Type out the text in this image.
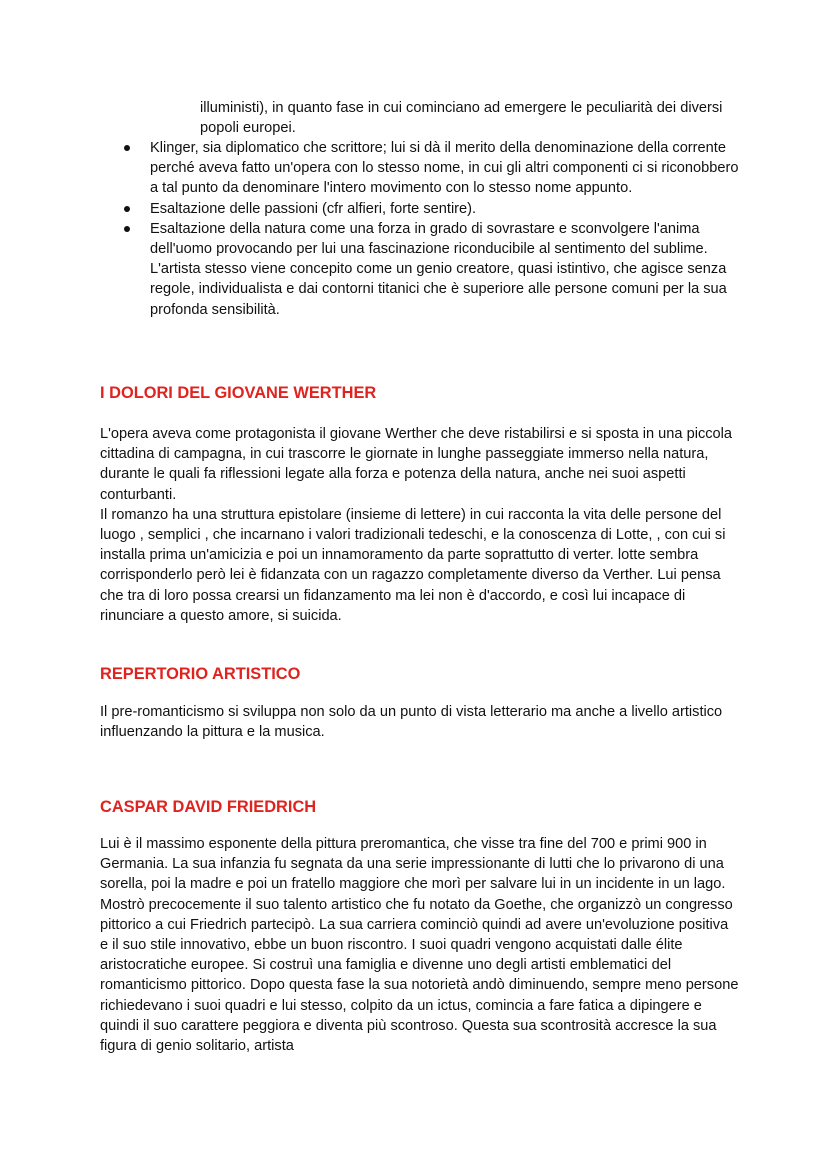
illuministi), in quanto fase in cui cominciano ad emergere le peculiarità dei diversi popoli europei.
Klinger, sia diplomatico che scrittore; lui si dà il merito della denominazione della corrente perché aveva fatto un'opera con lo stesso nome, in cui gli altri componenti ci si riconobbero a tal punto da denominare l'intero movimento con lo stesso nome appunto.
Esaltazione delle passioni (cfr alfieri, forte sentire).
Esaltazione della natura come una forza in grado di sovrastare e sconvolgere l'anima dell'uomo provocando per lui una fascinazione riconducibile al sentimento del sublime. L'artista stesso viene concepito come un genio creatore, quasi istintivo, che agisce senza regole, individualista e dai contorni titanici che è superiore alle persone comuni per la sua profonda sensibilità.
I DOLORI DEL GIOVANE WERTHER

L'opera aveva come protagonista il giovane Werther che deve ristabilirsi e si sposta in una piccola cittadina di campagna, in cui trascorre le giornate in lunghe passeggiate immerso nella natura, durante le quali fa riflessioni legate alla forza e potenza della natura, anche nei suoi aspetti conturbanti.

Il romanzo ha una struttura epistolare (insieme di lettere) in cui racconta la vita delle persone del luogo , semplici , che incarnano i valori tradizionali tedeschi, e la conoscenza di Lotte, , con cui si installa prima un'amicizia e poi un innamoramento da parte soprattutto di verter. lotte sembra corrisponderlo però lei è fidanzata con un ragazzo completamente diverso da Verther. Lui pensa che tra di loro possa crearsi un fidanzamento ma lei non è d'accordo, e così lui incapace di rinunciare a questo amore, si suicida.

REPERTORIO ARTISTICO

Il pre-romanticismo si sviluppa non solo da un punto di vista letterario ma anche a livello artistico influenzando la pittura e la musica.

CASPAR DAVID FRIEDRICH

Lui è il massimo esponente della pittura preromantica, che visse tra fine del 700 e primi 900 in Germania. La sua infanzia fu segnata da una serie impressionante di lutti che lo privarono di una sorella, poi la madre e poi un fratello maggiore che morì per salvare lui in un incidente in un lago. Mostrò precocemente il suo talento artistico che fu notato da Goethe, che organizzò un congresso pittorico a cui Friedrich partecipò. La sua carriera cominciò quindi ad avere un'evoluzione positiva e il suo stile innovativo, ebbe un buon riscontro. I suoi quadri vengono acquistati dalle élite aristocratiche europee. Si costruì una famiglia e divenne uno degli artisti emblematici del romanticismo pittorico. Dopo questa fase la sua notorietà andò diminuendo, sempre meno persone richiedevano i suoi quadri e lui stesso, colpito da un ictus, comincia a fare fatica a dipingere e quindi il suo carattere peggiora e diventa più scontroso. Questa sua scontrosità accresce la sua figura di genio solitario, artista
